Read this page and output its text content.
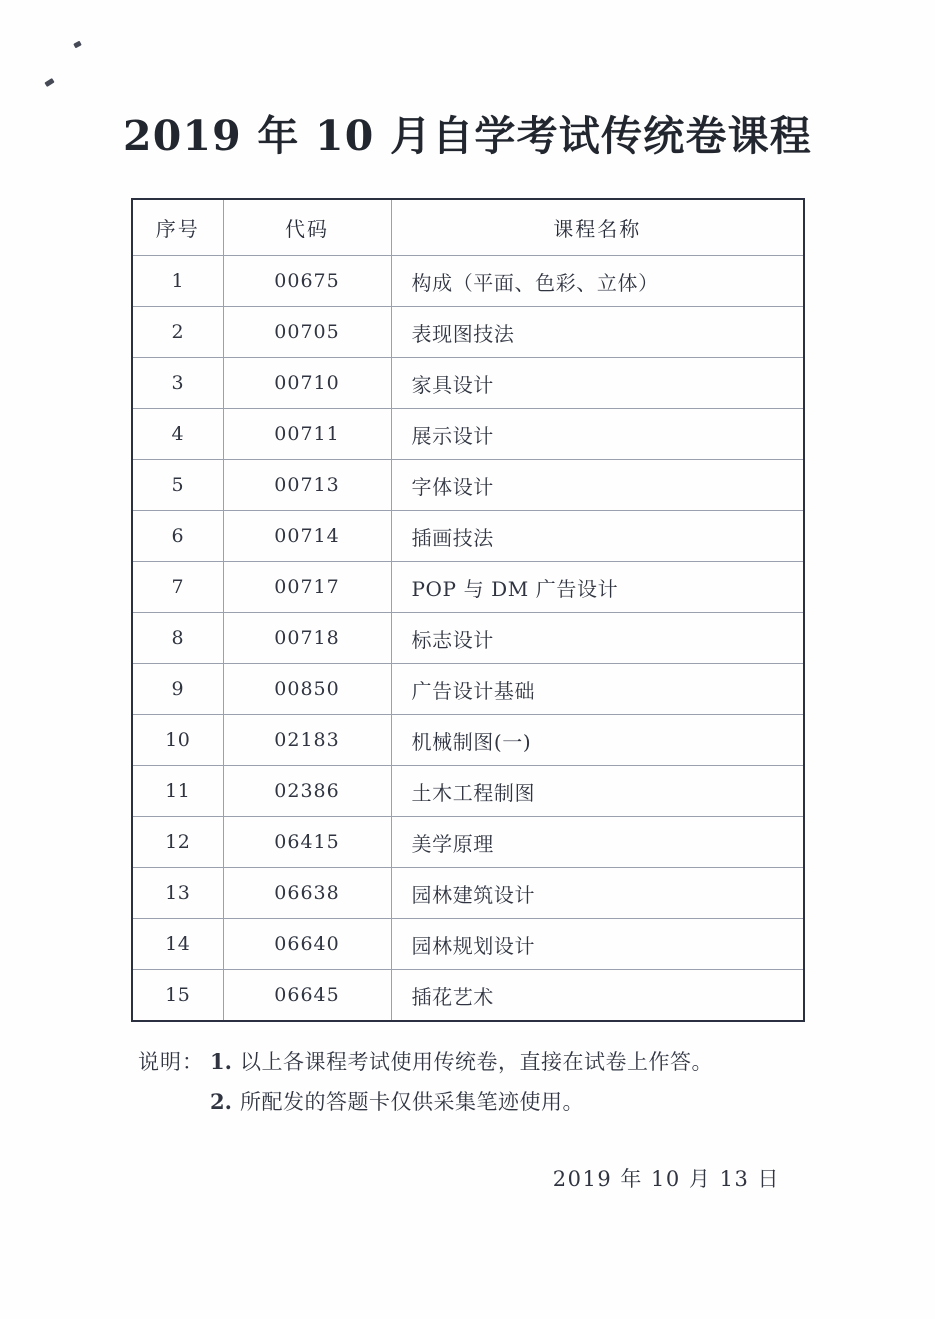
2019 年 10 月自学考试传统卷课程
序号	代码	课程名称
1	00675	构成（平面、色彩、立体）
2	00705	表现图技法
3	00710	家具设计
4	00711	展示设计
5	00713	字体设计
6	00714	插画技法
7	00717	POP 与 DM 广告设计
8	00718	标志设计
9	00850	广告设计基础
10	02183	机械制图(一)
11	02386	土木工程制图
12	06415	美学原理
13	06638	园林建筑设计
14	06640	园林规划设计
15	06645	插花艺术
说明： 1. 以上各课程考试使用传统卷，直接在试卷上作答。
2. 所配发的答题卡仅供采集笔迹使用。
2019 年 10 月 13 日
